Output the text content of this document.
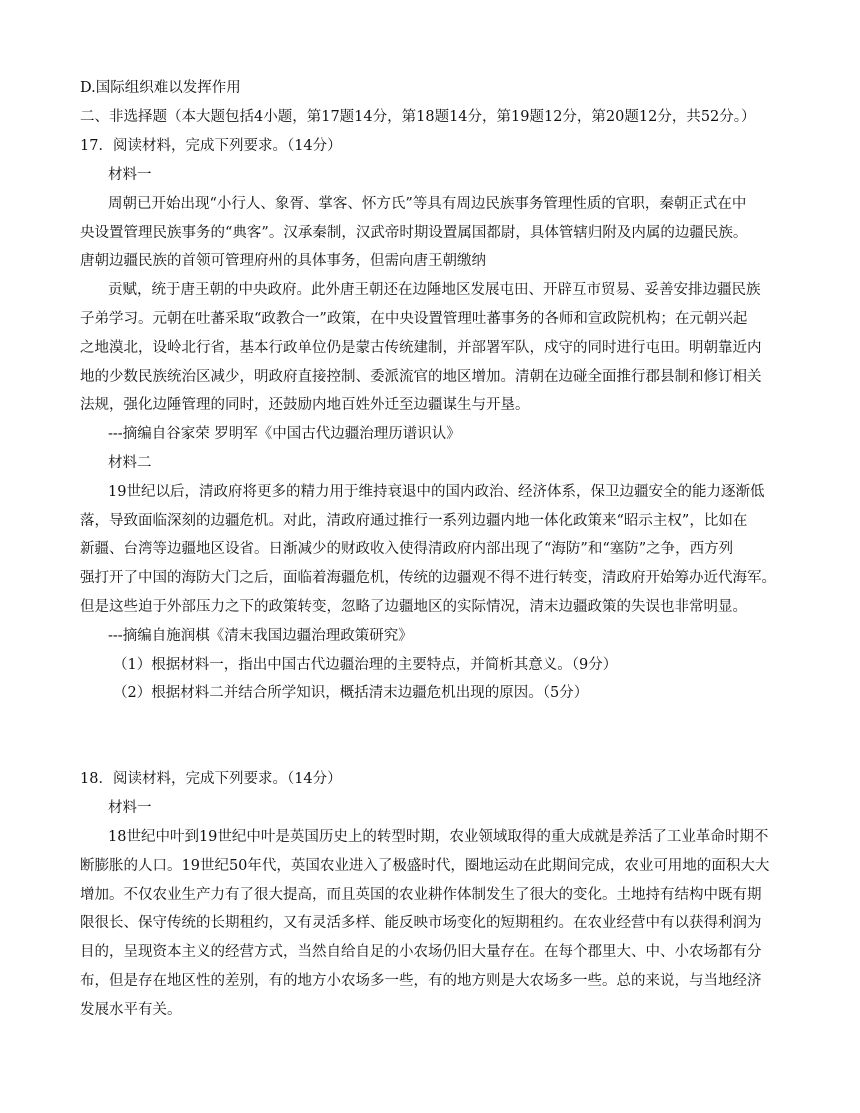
D.国际组织难以发挥作用
二、非选择题（本大题包括4小题，第17题14分，第18题14分，第19题12分，第20题12分，共52分。）
17．阅读材料，完成下列要求。（14分）
材料一
周朝已开始出现“小行人、象胥、掌客、怀方氏”等具有周边民族事务管理性质的官职，秦朝正式在中
央设置管理民族事务的“典客”。汉承秦制，汉武帝时期设置属国都尉，具体管辖归附及内属的边疆民族。
唐朝边疆民族的首领可管理府州的具体事务，但需向唐王朝缴纳
贡赋，统于唐王朝的中央政府。此外唐王朝还在边陲地区发展屯田、开辟互市贸易、妥善安排边疆民族
子弟学习。元朝在吐蕃采取“政教合一”政策，在中央设置管理吐蕃事务的各师和宣政院机构；在元朝兴起
之地漠北，设岭北行省，基本行政单位仍是蒙古传统建制，并部署军队，戍守的同时进行屯田。明朝靠近内
地的少数民族统治区减少，明政府直接控制、委派流官的地区增加。清朝在边碰全面推行郡县制和修订相关
法规，强化边陲管理的同时，还鼓励内地百姓外迁至边疆谋生与开垦。
---摘编自谷家荣 罗明军《中国古代边疆治理历谱识认》
材料二
19世纪以后，清政府将更多的精力用于维持衰退中的国内政治、经济体系，保卫边疆安全的能力逐渐低
落，导致面临深刻的边疆危机。对此，清政府通过推行一系列边疆内地一体化政策来“昭示主权”，比如在
新疆、台湾等边疆地区设省。日渐减少的财政收入使得清政府内部出现了“海防”和“塞防”之争，西方列
强打开了中国的海防大门之后，面临着海疆危机，传统的边疆观不得不进行转变，清政府开始筹办近代海军。
但是这些迫于外部压力之下的政策转变，忽略了边疆地区的实际情况，清末边疆政策的失误也非常明显。
---摘编自施润棋《清末我国边疆治理政策研究》
（1）根据材料一，指出中国古代边疆治理的主要特点，并简析其意义。（9分）
（2）根据材料二并结合所学知识，概括清末边疆危机出现的原因。（5分）
18．阅读材料，完成下列要求。（14分）
材料一
18世纪中叶到19世纪中叶是英国历史上的转型时期，农业领域取得的重大成就是养活了工业革命时期不
断膨胀的人口。19世纪50年代，英国农业进入了极盛时代，圈地运动在此期间完成，农业可用地的面积大大
增加。不仅农业生产力有了很大提高，而且英国的农业耕作体制发生了很大的变化。土地持有结构中既有期
限很长、保守传统的长期租约，又有灵活多样、能反映市场变化的短期租约。在农业经营中有以获得利润为
目的，呈现资本主义的经营方式，当然自给自足的小农场仍旧大量存在。在每个郡里大、中、小农场都有分
布，但是存在地区性的差别，有的地方小农场多一些，有的地方则是大农场多一些。总的来说，与当地经济
发展水平有关。
